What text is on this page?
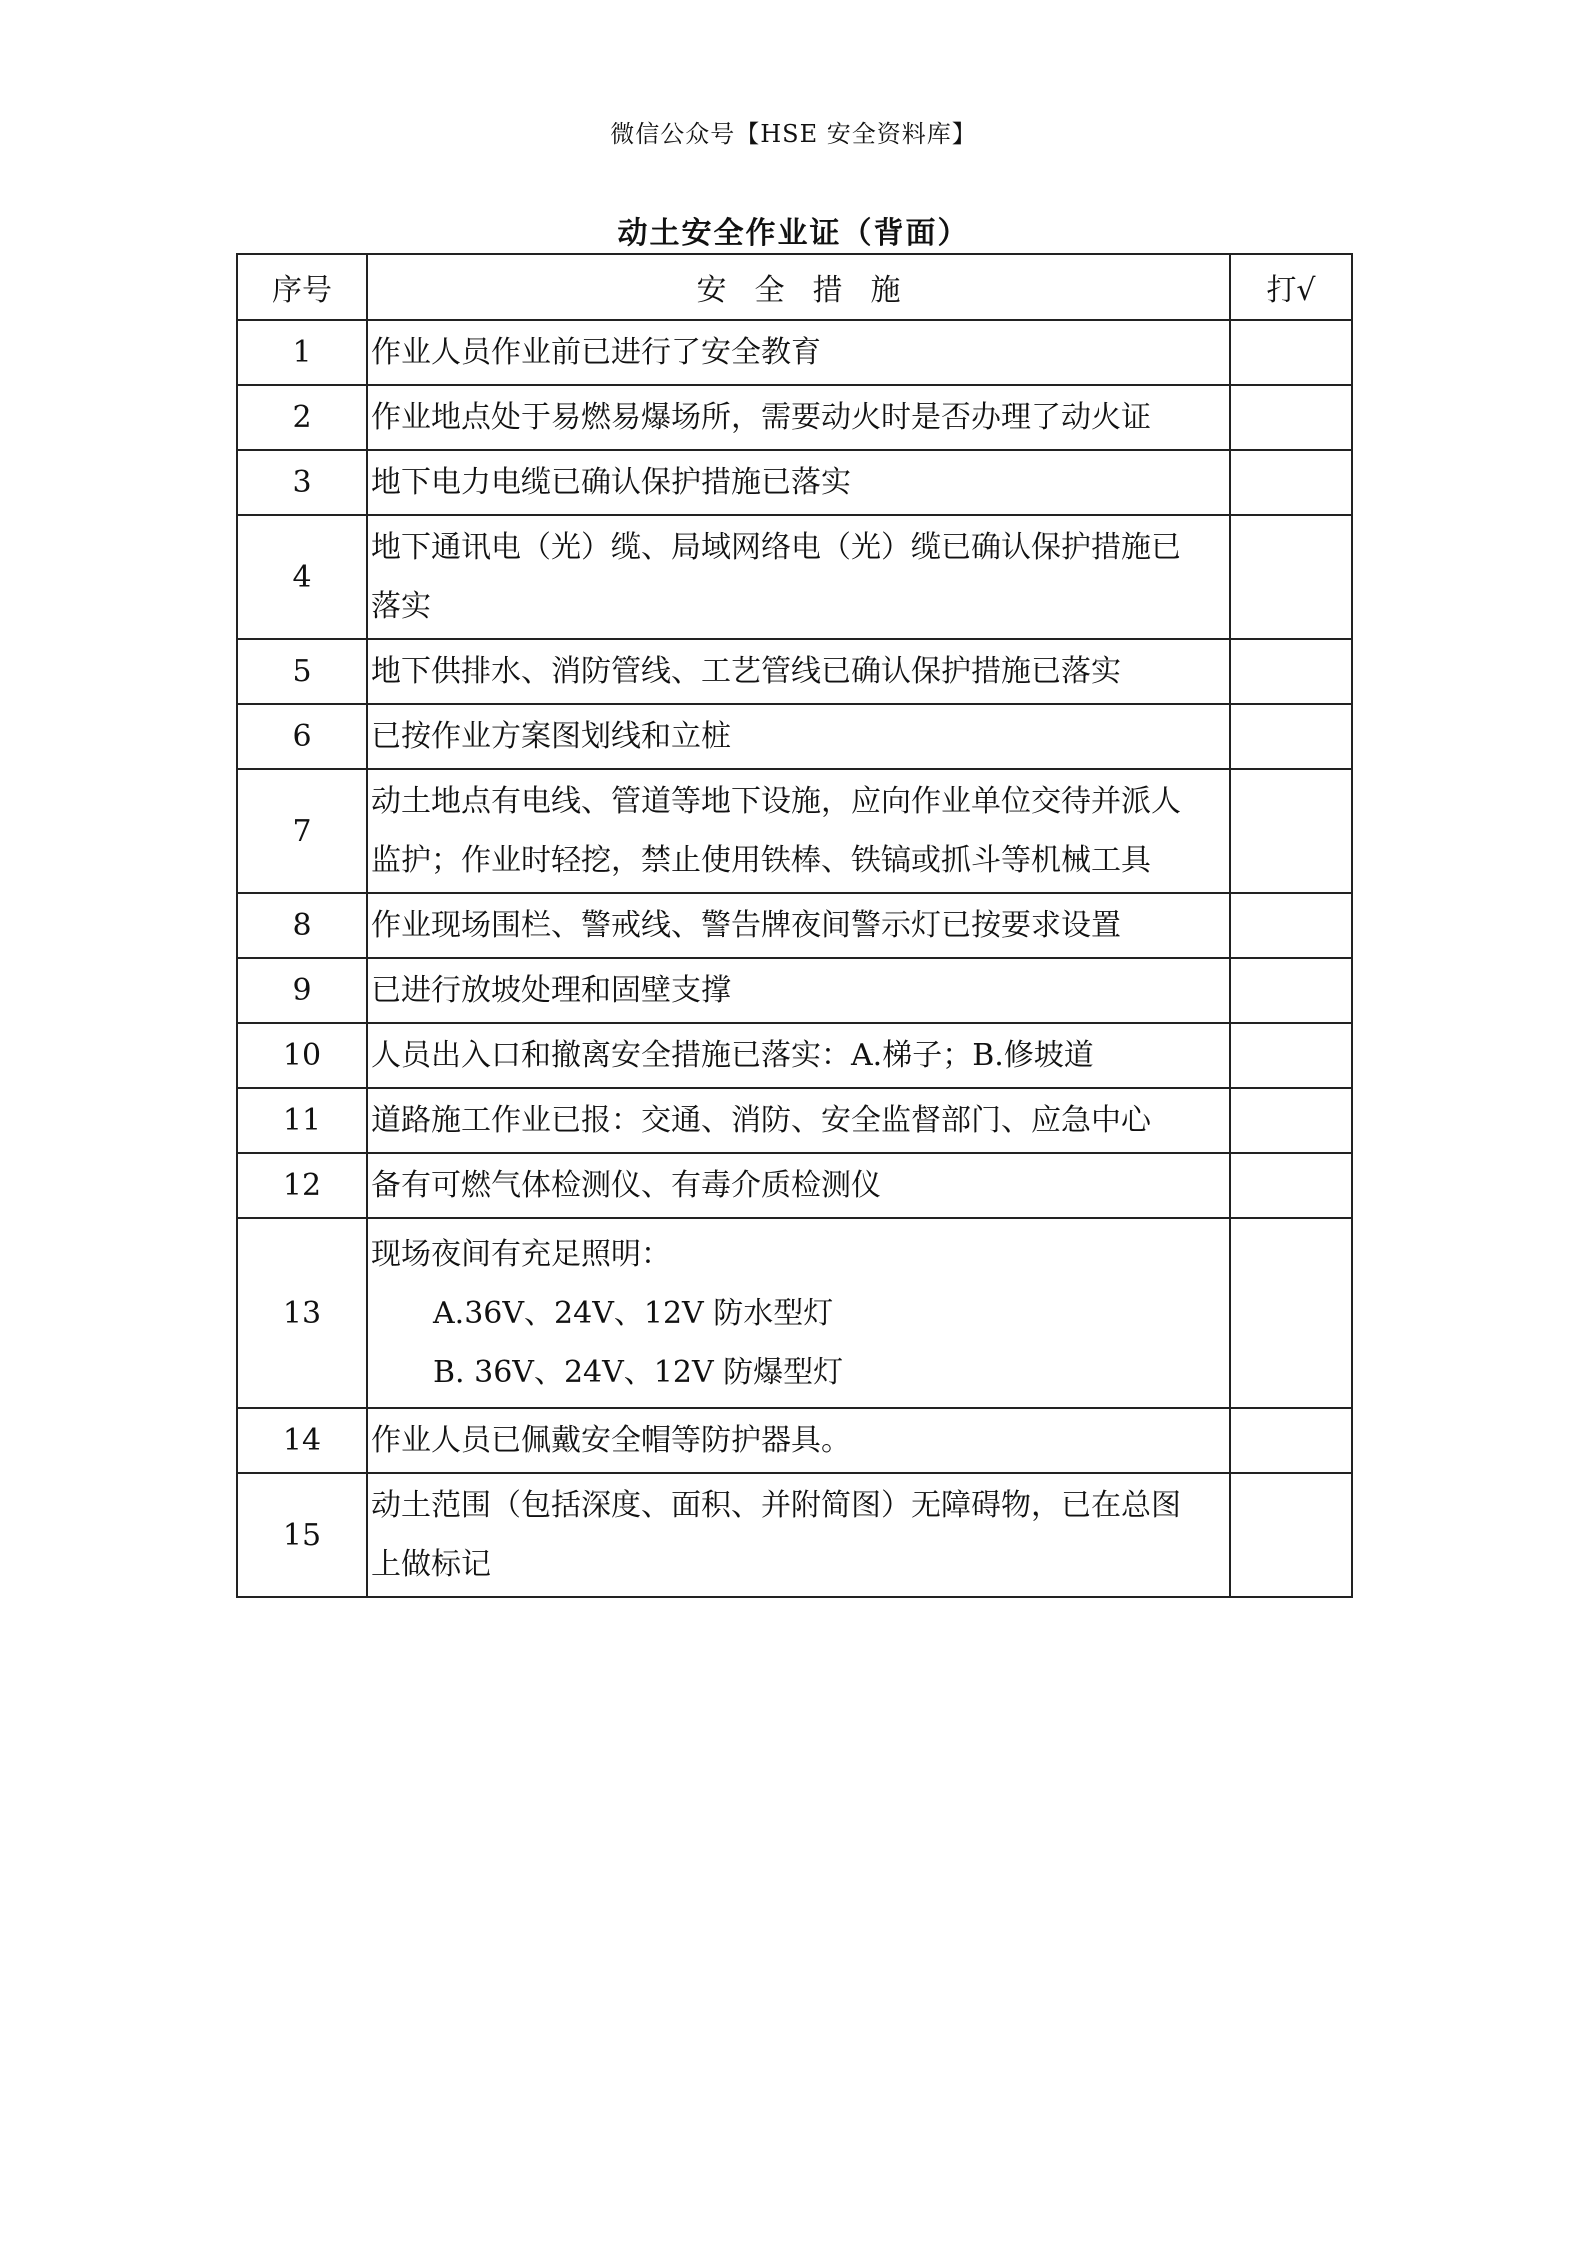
微信公众号【HSE 安全资料库】
动土安全作业证（背面）
序号	安全措施	打√
1	作业人员作业前已进行了安全教育	

2	作业地点处于易燃易爆场所，需要动火时是否办理了动火证	

3	地下电力电缆已确认保护措施已落实	

4	地下通讯电（光）缆、局域网络电（光）缆已确认保护措施已
落实	

5	地下供排水、消防管线、工艺管线已确认保护措施已落实	

6	已按作业方案图划线和立桩	

7	动土地点有电线、管道等地下设施，应向作业单位交待并派人
监护；作业时轻挖，禁止使用铁棒、铁镐或抓斗等机械工具	

8	作业现场围栏、警戒线、警告牌夜间警示灯已按要求设置	

9	已进行放坡处理和固壁支撑	

10	人员出入口和撤离安全措施已落实：A.梯子；B.修坡道	

11	道路施工作业已报：交通、消防、安全监督部门、应急中心	

12	备有可燃气体检测仪、有毒介质检测仪	

13	现场夜间有充足照明：
A.36V、24V、12V 防水型灯
B. 36V、24V、12V 防爆型灯	

14	作业人员已佩戴安全帽等防护器具。	

15	动土范围（包括深度、面积、并附简图）无障碍物，已在总图
上做标记	
